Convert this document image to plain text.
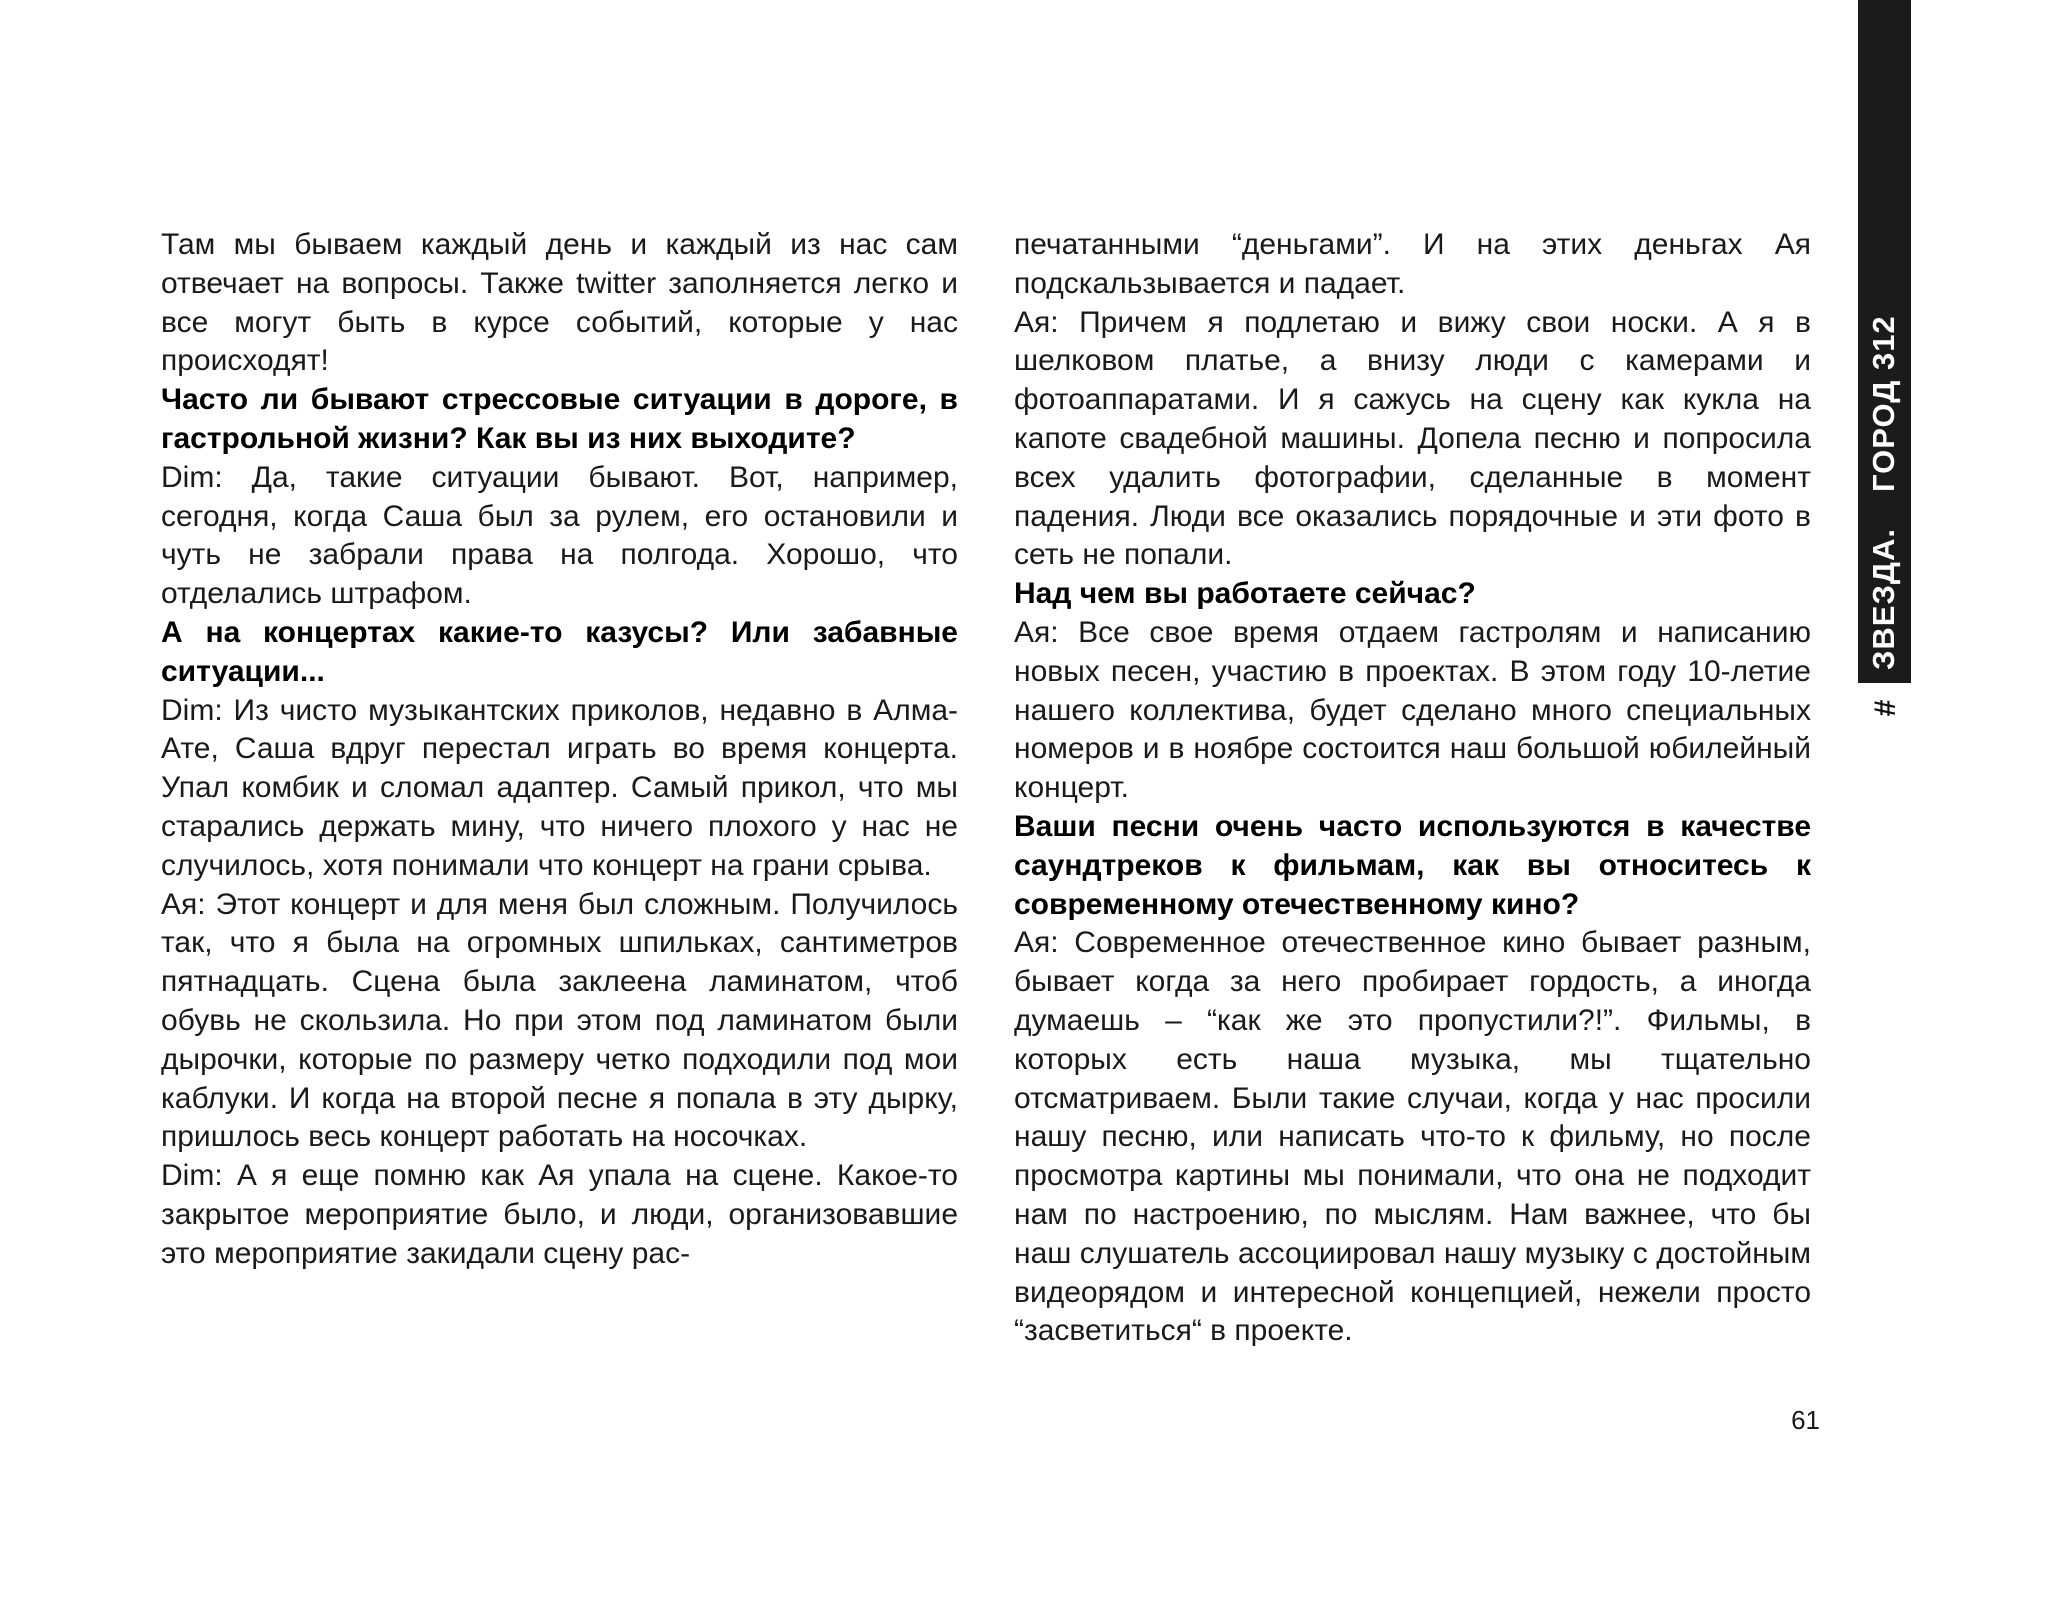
Там мы бываем каждый день и каждый из нас сам отвечает на вопросы. Также twitter заполняется легко и все могут быть в курсе событий, которые у нас происходят!

Часто ли бывают стрессовые ситуации в дороге, в гастрольной жизни? Как вы из них выходите?

Dim: Да, такие ситуации бывают. Вот, например, сегодня, когда Саша был за рулем, его остановили и чуть не забрали права на полгода. Хорошо, что отделались штрафом.

А на концертах какие-то казусы? Или забавные ситуации...

Dim: Из чисто музыкантских приколов, недавно в Алма-Ате, Саша вдруг перестал играть во время концерта. Упал комбик и сломал адаптер. Самый прикол, что мы старались держать мину, что ничего плохого у нас не случилось, хотя понимали что концерт на грани срыва.

Ая: Этот концерт и для меня был сложным. Получилось так, что я была на огромных шпильках, сантиметров пятнадцать. Сцена была заклеена ламинатом, чтоб обувь не скользила. Но при этом под ламинатом были дырочки, которые по размеру четко подходили под мои каблуки. И когда на второй песне я попала в эту дырку, пришлось весь концерт работать на носочках.

Dim: А я еще помню как Ая упала на сцене. Какое-то закрытое мероприятие было, и люди, организовавшие это мероприятие закидали сцену рас-

печатанными “деньгами”. И на этих деньгах Ая подскальзывается и падает.

Ая: Причем я подлетаю и вижу свои носки. А я в шелковом платье, а внизу люди с камерами и фотоаппаратами. И я сажусь на сцену как кукла на капоте свадебной машины. Допела песню и попросила всех удалить фотографии, сделанные в момент падения. Люди все оказались порядочные и эти фото в сеть не попали.

Над чем вы работаете сейчас?

Ая: Все свое время отдаем гастролям и написанию новых песен, участию в проектах. В этом году 10-летие нашего коллектива, будет сделано много специальных номеров и в ноябре состоится наш большой юбилейный концерт.

Ваши песни очень часто используются в качестве саундтреков к фильмам, как вы относитесь к современному отечественному кино?

Ая: Современное отечественное кино бывает разным, бывает когда за него пробирает гордость, а иногда думаешь – “как же это пропустили?!”. Фильмы, в которых есть наша музыка, мы тщательно отсматриваем. Были такие случаи, когда у нас просили нашу песню, или написать что-то к фильму, но после просмотра картины мы понимали, что она не подходит нам по настроению, по мыслям. Нам важнее, что бы наш слушатель ассоциировал нашу музыку с достойным видеорядом и интересной концепцией, нежели просто “засветиться“ в проекте.

ЗВЕЗДА.ГОРОД 312
#
61
